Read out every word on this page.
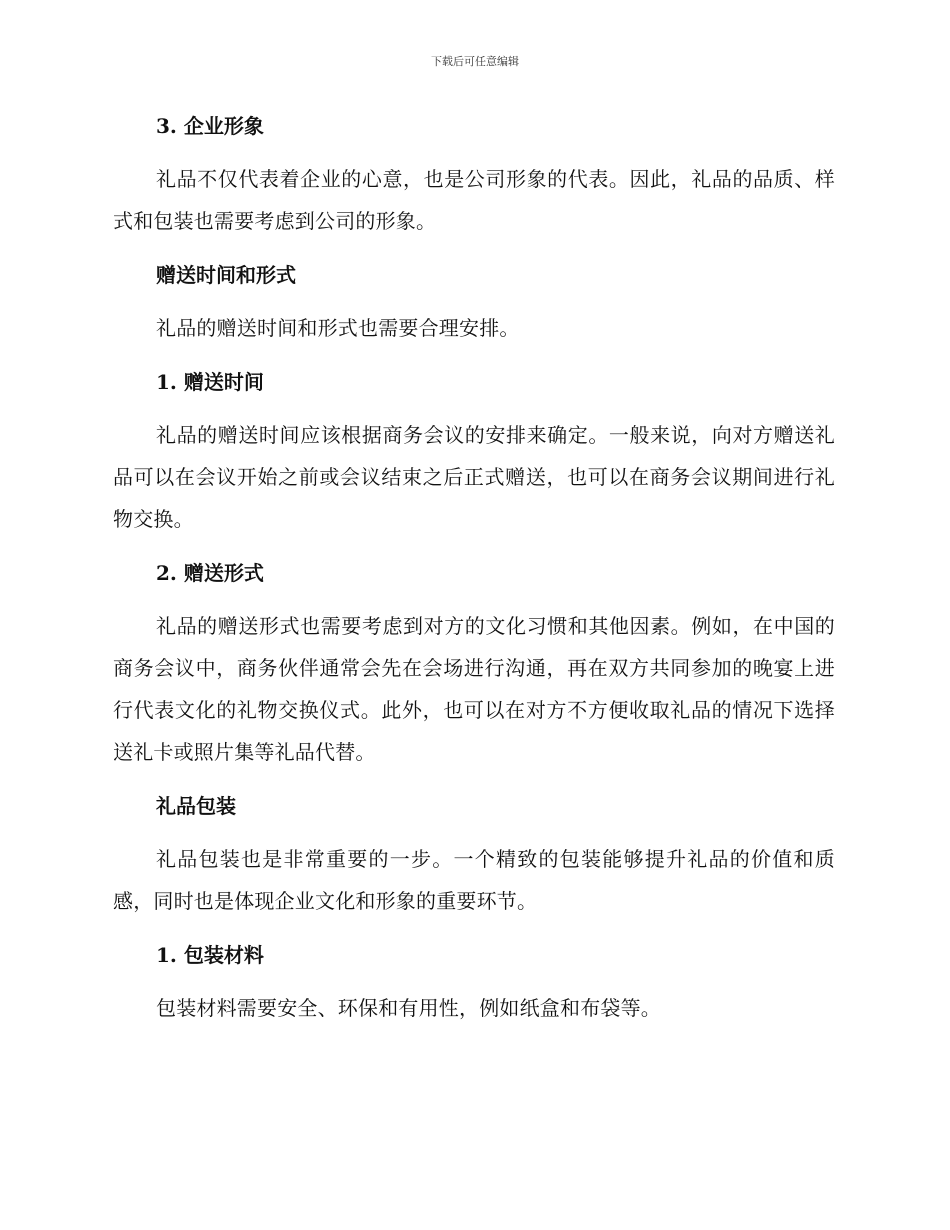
下载后可任意编辑
3. 企业形象

礼品不仅代表着企业的心意，也是公司形象的代表。因此，礼品的品质、样式和包装也需要考虑到公司的形象。

赠送时间和形式

礼品的赠送时间和形式也需要合理安排。

1. 赠送时间

礼品的赠送时间应该根据商务会议的安排来确定。一般来说，向对方赠送礼品可以在会议开始之前或会议结束之后正式赠送，也可以在商务会议期间进行礼物交换。

2. 赠送形式

礼品的赠送形式也需要考虑到对方的文化习惯和其他因素。例如，在中国的商务会议中，商务伙伴通常会先在会场进行沟通，再在双方共同参加的晚宴上进行代表文化的礼物交换仪式。此外，也可以在对方不方便收取礼品的情况下选择送礼卡或照片集等礼品代替。

礼品包装

礼品包装也是非常重要的一步。一个精致的包装能够提升礼品的价值和质感，同时也是体现企业文化和形象的重要环节。

1. 包装材料

包装材料需要安全、环保和有用性，例如纸盒和布袋等。
